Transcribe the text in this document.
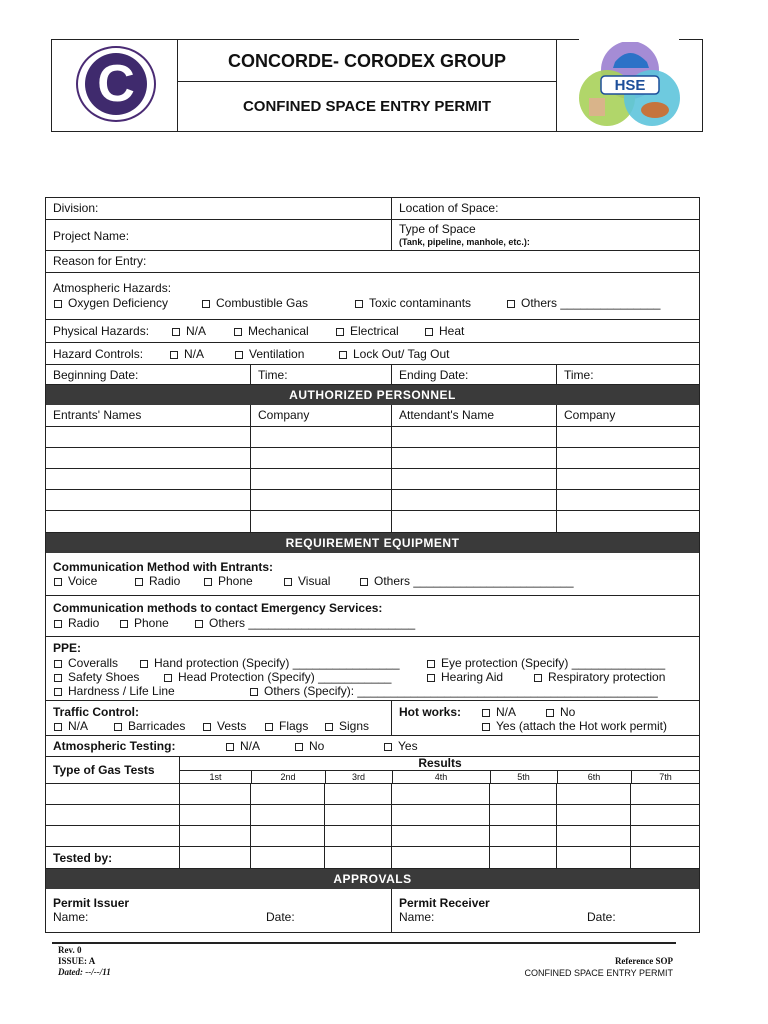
C	CONCORDE- CORODEX GROUP
CONFINED SPACE ENTRY PERMIT
HSE
Division:	Location of Space:
Project Name:	Type of Space
(Tank, pipeline, manhole, etc.):
Reason for Entry:
Atmospheric Hazards:
Oxygen Deficiency	Combustible Gas	Toxic contaminants	Others _______________
Physical Hazards:	N/A	Mechanical	Electrical	Heat
Hazard Controls:	N/A	Ventilation	Lock Out/ Tag Out
Beginning Date:	Time:	Ending Date:	Time:
AUTHORIZED PERSONNEL
Entrants' Names	Company	Attendant's Name	Company
REQUIREMENT EQUIPMENT
Communication Method with Entrants:
Voice	Radio	Phone	Visual	Others ________________________
Communication methods to contact Emergency Services:
Radio	Phone	Others _________________________
PPE:
Coveralls	Hand protection (Specify) ________________	Eye protection (Specify) ______________
Safety Shoes	Head Protection (Specify) ___________	Hearing Aid	Respiratory protection
Hardness / Life Line	Others (Specify): _____________________________________________
Traffic Control:
N/A	Barricades	Vests	Flags	Signs
Hot works:	N/A	No
Yes (attach the Hot work permit)
Atmospheric Testing:	N/A	No	Yes
Type of Gas Tests	Results
1st	2nd	3rd	4th	5th	6th	7th
Tested by:
APPROVALS
Permit Issuer
Name:	Date:
Permit Receiver
Name:	Date:
Rev. 0
ISSUE: A
Dated: --/--/11
Reference SOP
CONFINED SPACE ENTRY PERMIT
